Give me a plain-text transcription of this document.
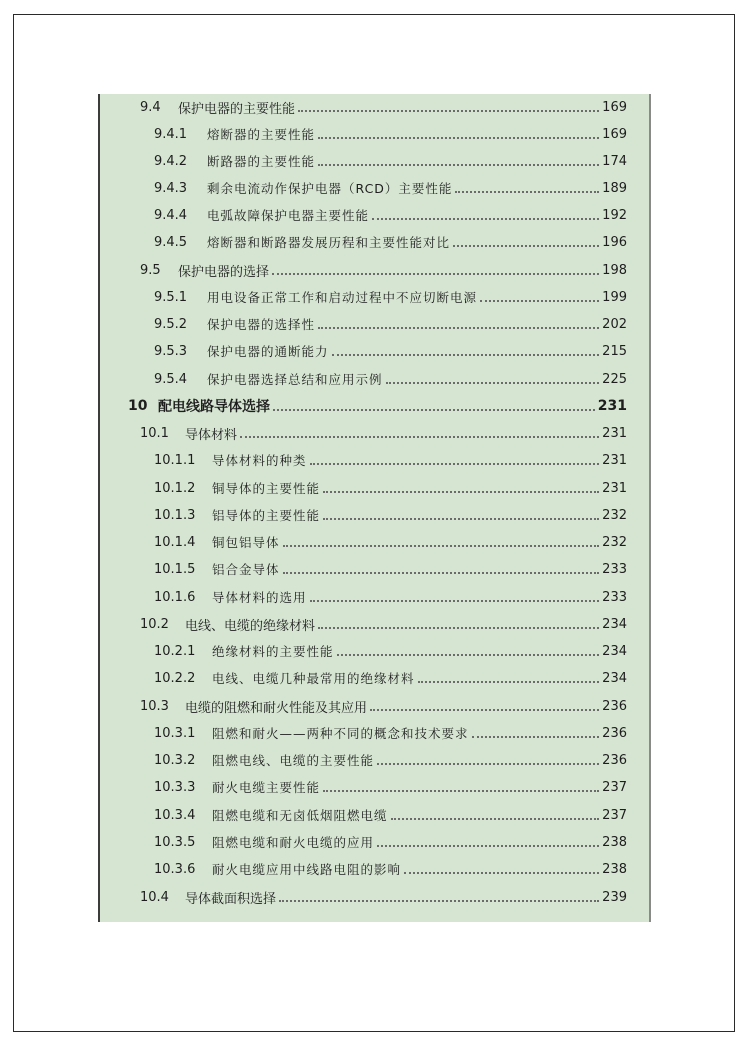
9.4	保护电器的主要性能	169
9.4.1	熔断器的主要性能	169
9.4.2	断路器的主要性能	174
9.4.3	剩余电流动作保护电器（RCD）主要性能	189
9.4.4	电弧故障保护电器主要性能	192
9.4.5	熔断器和断路器发展历程和主要性能对比	196
9.5	保护电器的选择	198
9.5.1	用电设备正常工作和启动过程中不应切断电源	199
9.5.2	保护电器的选择性	202
9.5.3	保护电器的通断能力	215
9.5.4	保护电器选择总结和应用示例	225
10 配电线路导体选择	231
10.1	导体材料	231
10.1.1	导体材料的种类	231
10.1.2	铜导体的主要性能	231
10.1.3	铝导体的主要性能	232
10.1.4	铜包铝导体	232
10.1.5	铝合金导体	233
10.1.6	导体材料的选用	233
10.2	电线、电缆的绝缘材料	234
10.2.1	绝缘材料的主要性能	234
10.2.2	电线、电缆几种最常用的绝缘材料	234
10.3	电缆的阻燃和耐火性能及其应用	236
10.3.1	阻燃和耐火——两种不同的概念和技术要求	236
10.3.2	阻燃电线、电缆的主要性能	236
10.3.3	耐火电缆主要性能	237
10.3.4	阻燃电缆和无卤低烟阻燃电缆	237
10.3.5	阻燃电缆和耐火电缆的应用	238
10.3.6	耐火电缆应用中线路电阻的影响	238
10.4	导体截面积选择	239
